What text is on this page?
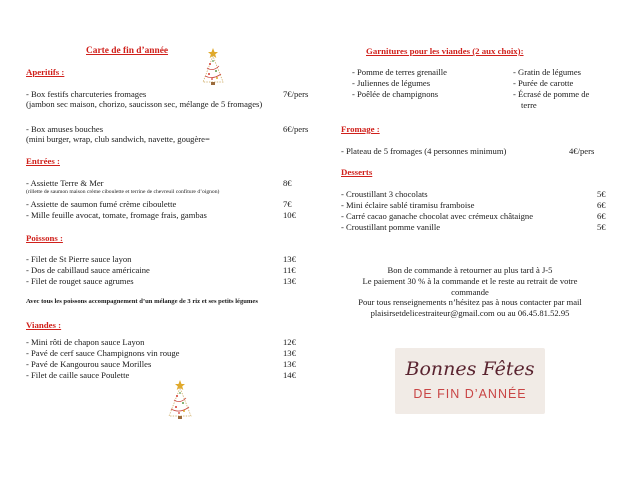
Carte de fin d’année
Aperitifs :
- Box festifs charcuteries fromages	7€/pers
(jambon sec maison, chorizo, saucisson sec, mélange de 5 fromages)
- Box amuses bouches	6€/pers
(mini burger, wrap, club sandwich, navette, gougère=
Entrées :
- Assiette Terre & Mer	8€
(rillette de saumon maison crème ciboulette et terrine de chevreuil confiture d’oignon)
- Assiette de saumon fumé crème ciboulette	7€
- Mille feuille avocat, tomate, fromage frais, gambas	10€
Poissons :
- Filet de St Pierre sauce layon	13€
- Dos de cabillaud sauce américaine	11€
- Filet de rouget sauce agrumes	13€
Avec tous les poissons accompagnement d’un mélange de 3 riz et ses petits légumes
Viandes :
- Mini rôti de chapon sauce Layon	12€
- Pavé de cerf sauce Champignons vin rouge	13€
- Pavé de Kangourou sauce Morilles	13€
- Filet de caille sauce Poulette	14€
Garnitures pour les viandes (2 aux choix):
- Pomme de terres grenaille
- Juliennes de légumes
- Poêlée de champignons
- Gratin de légumes
- Purée de carotte
- Écrasé de pomme de
terre
Fromage :
- Plateau de 5 fromages (4 personnes minimum)	4€/pers
Desserts
- Croustillant 3 chocolats	5€
- Mini éclaire sablé tiramisu framboise	6€
- Carré cacao ganache chocolat avec crémeux châtaigne	6€
- Croustillant pomme vanille	5€
Bon de commande à retourner au plus tard à J-5
Le paiement 30 % à la commande et le reste au retrait de votre
commande
Pour tous renseignements n’hésitez pas à nous contacter par mail
plaisirsetdelicestraiteur@gmail.com ou au 06.45.81.52.95
Bonnes Fêtes
DE FIN D’ANNÉE
